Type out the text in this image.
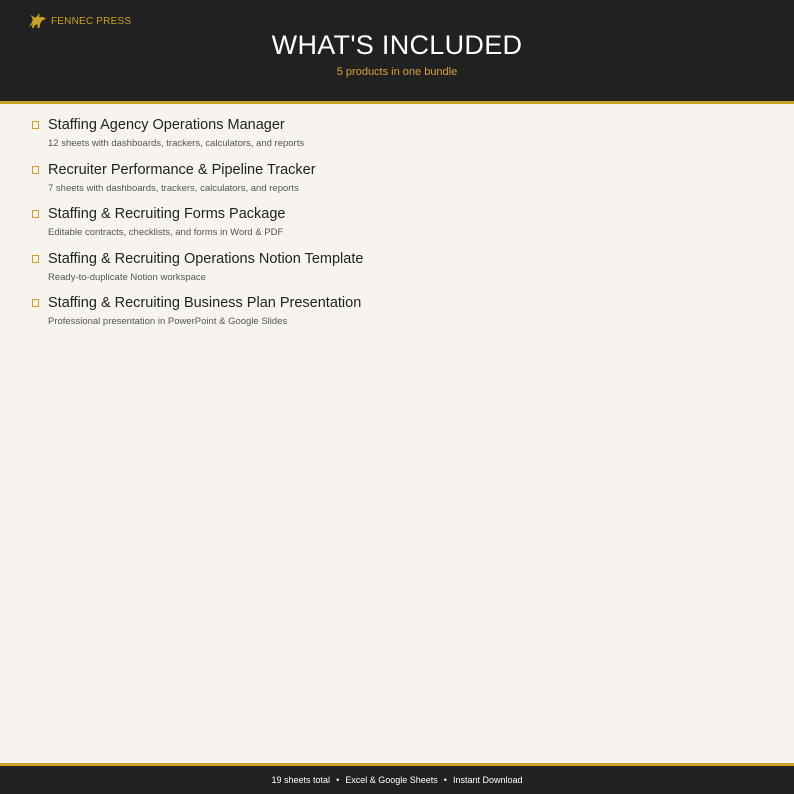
FENNEC PRESS
WHAT'S INCLUDED
5 products in one bundle
Staffing Agency Operations Manager
12 sheets with dashboards, trackers, calculators, and reports
Recruiter Performance & Pipeline Tracker
7 sheets with dashboards, trackers, calculators, and reports
Staffing & Recruiting Forms Package
Editable contracts, checklists, and forms in Word & PDF
Staffing & Recruiting Operations Notion Template
Ready-to-duplicate Notion workspace
Staffing & Recruiting Business Plan Presentation
Professional presentation in PowerPoint & Google Slides
19 sheets total • Excel & Google Sheets • Instant Download
